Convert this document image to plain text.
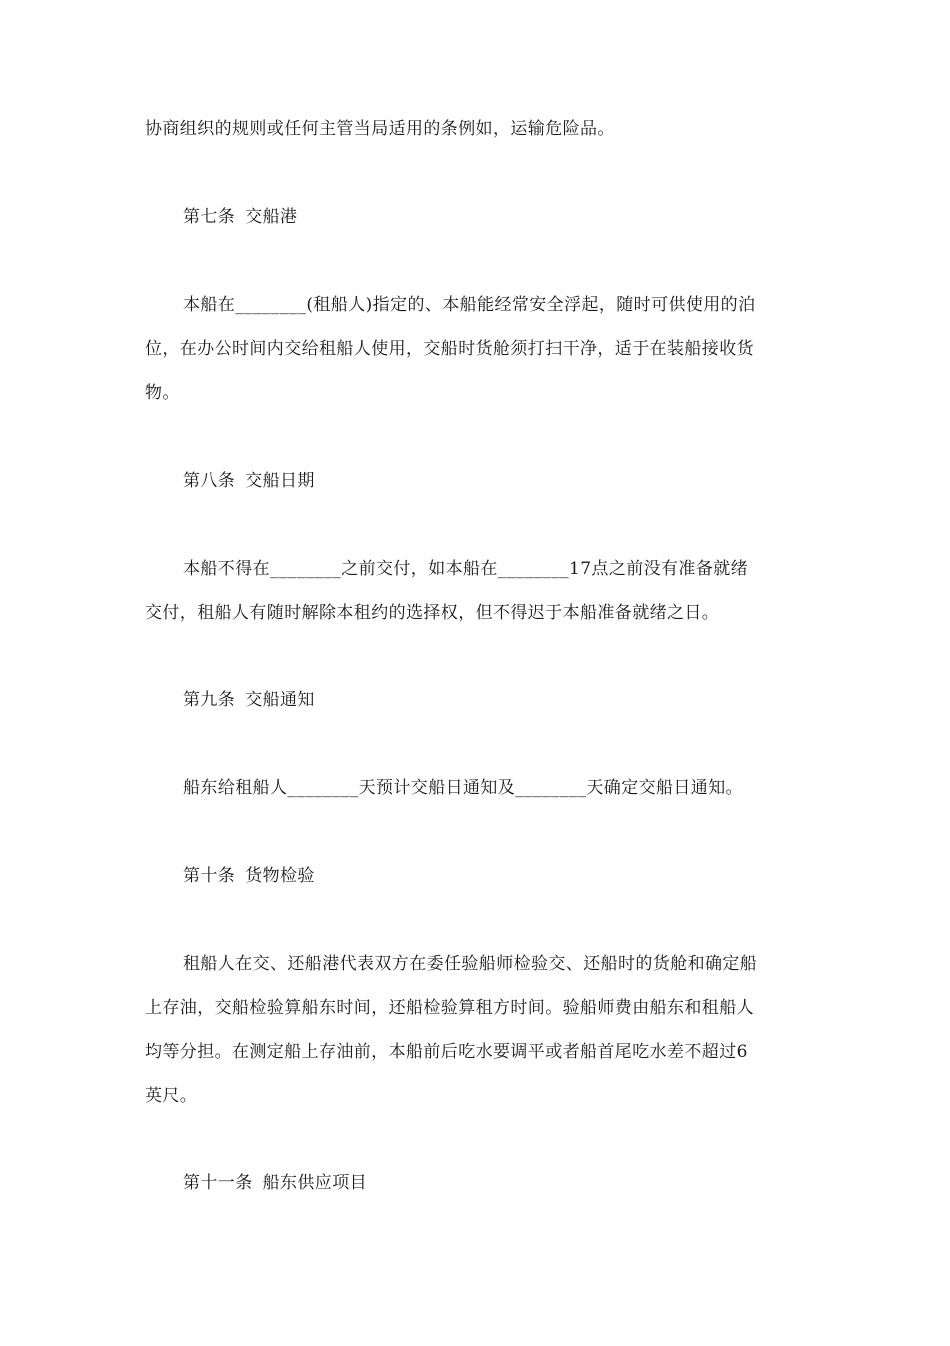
协商组织的规则或任何主管当局适用的条例如，运输危险品。
第七条 交船港
本船在________(租船人)指定的、本船能经常安全浮起，随时可供使用的泊
位，在办公时间内交给租船人使用，交船时货舱须打扫干净，适于在装船接收货
物。
第八条 交船日期
本船不得在________之前交付，如本船在________17点之前没有准备就绪
交付，租船人有随时解除本租约的选择权，但不得迟于本船准备就绪之日。
第九条 交船通知
船东给租船人________天预计交船日通知及________天确定交船日通知。
第十条 货物检验
租船人在交、还船港代表双方在委任验船师检验交、还船时的货舱和确定船
上存油，交船检验算船东时间，还船检验算租方时间。验船师费由船东和租船人
均等分担。在测定船上存油前，本船前后吃水要调平或者船首尾吃水差不超过6
英尺。
第十一条 船东供应项目
